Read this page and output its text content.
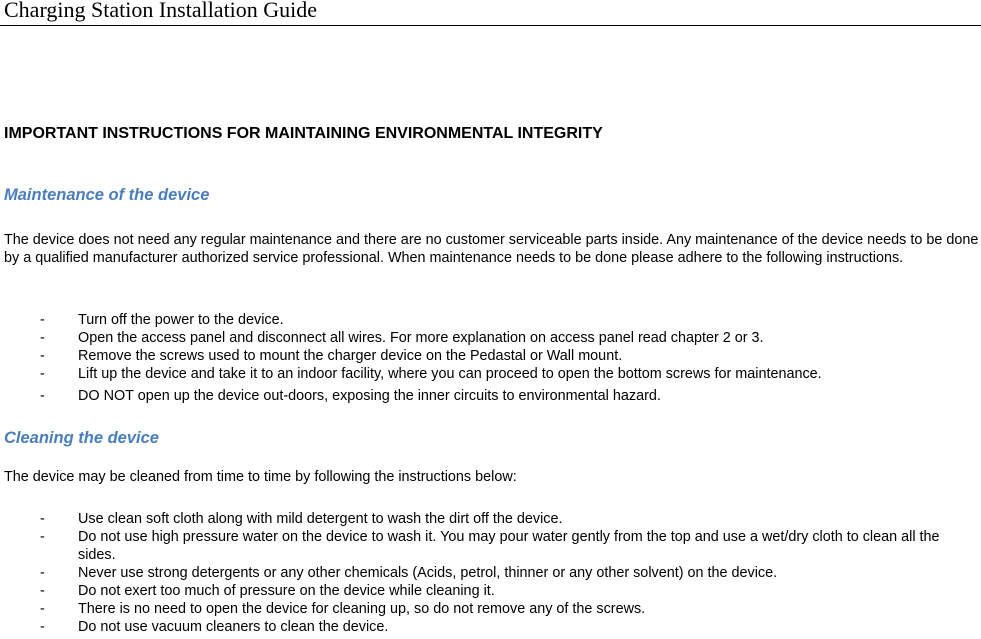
Charging Station Installation Guide
IMPORTANT INSTRUCTIONS FOR MAINTAINING ENVIRONMENTAL INTEGRITY
Maintenance of the device
The device does not need any regular maintenance and there are no customer serviceable parts inside. Any maintenance of the device needs to be done by a qualified manufacturer authorized service professional. When maintenance needs to be done please adhere to the following instructions.
- Turn off the power to the device.
- Open the access panel and disconnect all wires. For more explanation on access panel read chapter 2 or 3.
- Remove the screws used to mount the charger device on the Pedastal or Wall mount.
- Lift up the device and take it to an indoor facility, where you can proceed to open the bottom screws for maintenance.
- DO NOT open up the device out-doors, exposing the inner circuits to environmental hazard.
Cleaning the device
The device may be cleaned from time to time by following the instructions below:
- Use clean soft cloth along with mild detergent to wash the dirt off the device.
- Do not use high pressure water on the device to wash it. You may pour water gently from the top and use a wet/dry cloth to clean all the sides.
- Never use strong detergents or any other chemicals (Acids, petrol, thinner or any other solvent) on the device.
- Do not exert too much of pressure on the device while cleaning it.
- There is no need to open the device for cleaning up, so do not remove any of the screws.
- Do not use vacuum cleaners to clean the device.
